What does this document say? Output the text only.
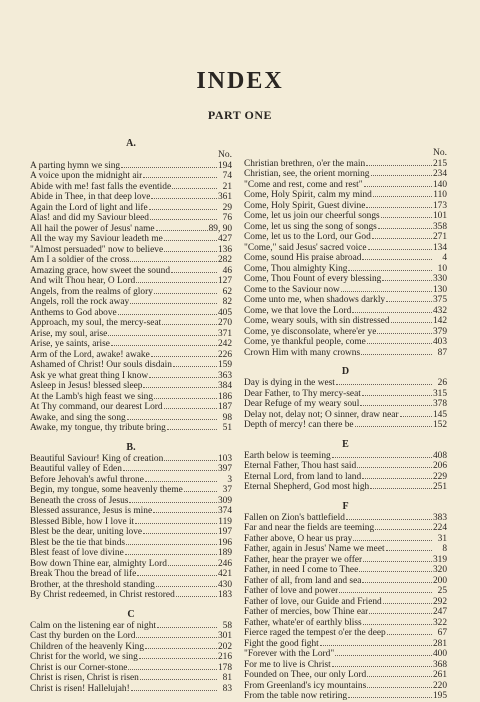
INDEX
PART ONE
A.
No.
A parting hymn we sing	194
A voice upon the midnight air	74
Abide with me! fast falls the eventide	21
Abide in Thee, in that deep love	361
Again the Lord of light and life	29
Alas! and did my Saviour bleed	76
All hail the power of Jesus' name	89, 90
All the way my Saviour leadeth me	427
"Almost persuaded" now to believe	136
Am I a soldier of the cross	282
Amazing grace, how sweet the sound	46
And wilt Thou hear, O Lord	127
Angels, from the realms of glory	62
Angels, roll the rock away	82
Anthems to God above	405
Approach, my soul, the mercy-seat	270
Arise, my soul, arise	371
Arise, ye saints, arise	242
Arm of the Lord, awake! awake	226
Ashamed of Christ! Our souls disdain	159
Ask ye what great thing I know	363
Asleep in Jesus! blessed sleep	384
At the Lamb's high feast we sing	186
At Thy command, our dearest Lord	187
Awake, and sing the song	98
Awake, my tongue, thy tribute bring	51
B.
Beautiful Saviour! King of creation	103
Beautiful valley of Eden	397
Before Jehovah's awful throne	3
Begin, my tongue, some heavenly theme	37
Beneath the cross of Jesus	309
Blessed assurance, Jesus is mine	374
Blessed Bible, how I love it	119
Blest be the dear, uniting love	197
Blest be the tie that binds	196
Blest feast of love divine	189
Bow down Thine ear, almighty Lord	246
Break Thou the bread of life	421
Brother, at the threshold standing	430
By Christ redeemed, in Christ restored	183
C
Calm on the listening ear of night	58
Cast thy burden on the Lord	301
Children of the heavenly King	202
Christ for the world, we sing	216
Christ is our Corner-stone	178
Christ is risen, Christ is risen	81
Christ is risen! Hallelujah!	83
No.
Christian brethren, o'er the main	215
Christian, see, the orient morning	234
"Come and rest, come and rest"	140
Come, Holy Spirit, calm my mind	110
Come, Holy Spirit, Guest divine	173
Come, let us join our cheerful songs	101
Come, let us sing the song of songs	358
Come, let us to the Lord, our God	271
"Come," said Jesus' sacred voice	134
Come, sound His praise abroad	4
Come, Thou almighty King	10
Come, Thou Fount of every blessing	330
Come to the Saviour now	130
Come unto me, when shadows darkly	375
Come, we that love the Lord	432
Come, weary souls, with sin distressed	142
Come, ye disconsolate, where'er ye	379
Come, ye thankful people, come	403
Crown Him with many crowns	87
D
Day is dying in the west	26
Dear Father, to Thy mercy-seat	315
Dear Refuge of my weary soul	378
Delay not, delay not; O sinner, draw near	145
Depth of mercy! can there be	152
E
Earth below is teeming	408
Eternal Father, Thou hast said	206
Eternal Lord, from land to land	229
Eternal Shepherd, God most high	251
F
Fallen on Zion's battlefield	383
Far and near the fields are teeming	224
Father above, O hear us pray	31
Father, again in Jesus' Name we meet	8
Father, hear the prayer we offer	319
Father, in need I come to Thee	320
Father of all, from land and sea	200
Father of love and power	25
Father of love, our Guide and Friend	292
Father of mercies, bow Thine ear	247
Father, whate'er of earthly bliss	322
Fierce raged the tempest o'er the deep	67
Fight the good fight	281
"Forever with the Lord"	400
For me to live is Christ	368
Founded on Thee, our only Lord	261
From Greenland's icy mountains	220
From the table now retiring	195
